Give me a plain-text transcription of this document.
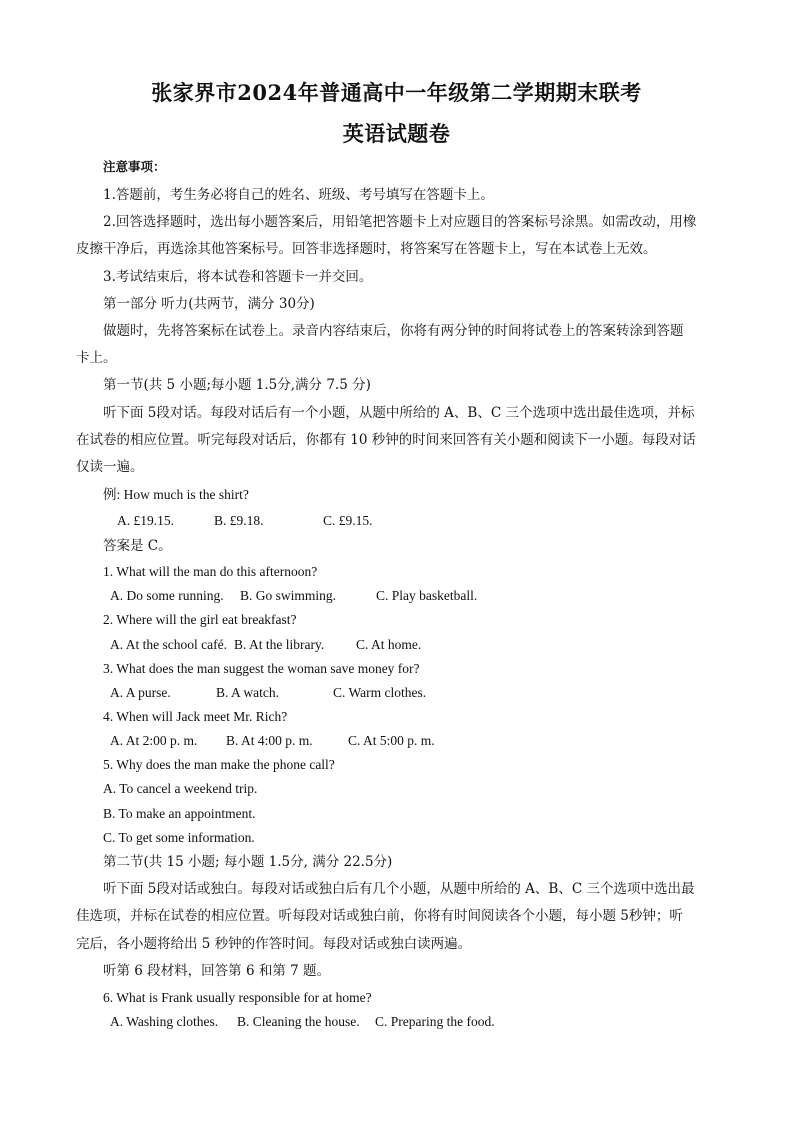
张家界市2024年普通高中一年级第二学期期末联考
英语试题卷
注意事项：
1.答题前，考生务必将自己的姓名、班级、考号填写在答题卡上。
2.回答选择题时，选出每小题答案后，用铅笔把答题卡上对应题目的答案标号涂黑。如需改动，用橡
皮擦干净后，再选涂其他答案标号。回答非选择题时，将答案写在答题卡上，写在本试卷上无效。
3.考试结束后，将本试卷和答题卡一并交回。
第一部分 听力(共两节，满分 30分)
做题时，先将答案标在试卷上。录音内容结束后，你将有两分钟的时间将试卷上的答案转涂到答题
卡上。
第一节(共 5 小题;每小题 1.5分,满分 7.5 分)
听下面 5段对话。每段对话后有一个小题，从题中所给的 A、B、C 三个选项中选出最佳选项，并标
在试卷的相应位置。听完每段对话后，你都有 10 秒钟的时间来回答有关小题和阅读下一小题。每段对话
仅读一遍。
例: How much is the shirt?
A. £19.15.	B. £9.18.	C. £9.15.
答案是 C。
1. What will the man do this afternoon?
A. Do some running. B. Go swimming.	C. Play basketball.
2. Where will the girl eat breakfast?
A. At the school café. B. At the library. C. At home.
3. What does the man suggest the woman save money for?
A. A purse.	B. A watch.	C. Warm clothes.
4. When will Jack meet Mr. Rich?
A. At 2:00 p. m. B. At 4:00 p. m.	C. At 5:00 p. m.
5. Why does the man make the phone call?
A. To cancel a weekend trip.
B. To make an appointment.
C. To get some information.
第二节(共 15 小题; 每小题 1.5分, 满分 22.5分)
听下面 5段对话或独白。每段对话或独白后有几个小题，从题中所给的 A、B、C 三个选项中选出最
佳选项，并标在试卷的相应位置。听每段对话或独白前，你将有时间阅读各个小题，每小题 5秒钟；听
完后，各小题将给出 5 秒钟的作答时间。每段对话或独白读两遍。
听第 6 段材料，回答第 6 和第 7 题。
6. What is Frank usually responsible for at home?
A. Washing clothes. B. Cleaning the house. C. Preparing the food.
